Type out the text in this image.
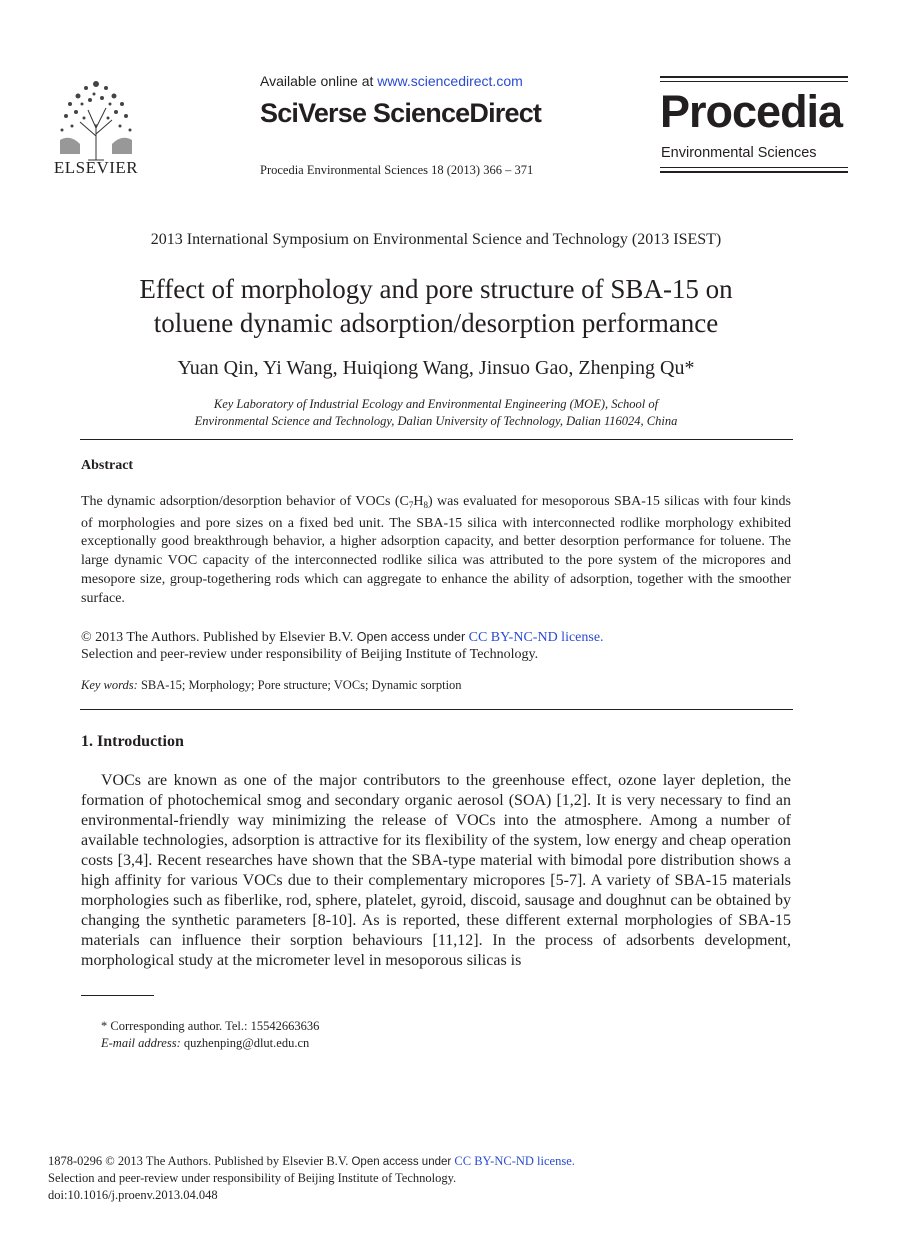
ELSEVIER
Available online at www.sciencedirect.com
SciVerse ScienceDirect
Procedia Environmental Sciences 18 (2013) 366 – 371
Procedia
Environmental Sciences
2013 International Symposium on Environmental Science and Technology (2013 ISEST)
Effect of morphology and pore structure of SBA-15 on
toluene dynamic adsorption/desorption performance
Yuan Qin, Yi Wang, Huiqiong Wang, Jinsuo Gao, Zhenping Qu*
Key Laboratory of Industrial Ecology and Environmental Engineering (MOE), School of
Environmental Science and Technology, Dalian University of Technology, Dalian 116024, China
Abstract
The dynamic adsorption/desorption behavior of VOCs $(C_7H_8)$ was evaluated for mesoporous SBA-15 silicas with four kinds of morphologies and pore sizes on a fixed bed unit. The SBA-15 silica with interconnected rodlike morphology exhibited exceptionally good breakthrough behavior, a higher adsorption capacity, and better desorption performance for toluene. The large dynamic VOC capacity of the interconnected rodlike silica was attributed to the pore system of the micropores and mesopore size, group-togethering rods which can aggregate to enhance the ability of adsorption, together with the smoother surface.
© 2013 The Authors. Published by Elsevier B.V. Open access under CC BY-NC-ND license.
Selection and peer-review under responsibility of Beijing Institute of Technology.
Key words: SBA-15; Morphology; Pore structure; VOCs; Dynamic sorption
1. Introduction
VOCs are known as one of the major contributors to the greenhouse effect, ozone layer depletion, the formation of photochemical smog and secondary organic aerosol (SOA) [1,2]. It is very necessary to find an environmental-friendly way minimizing the release of VOCs into the atmosphere. Among a number of available technologies, adsorption is attractive for its flexibility of the system, low energy and cheap operation costs [3,4]. Recent researches have shown that the SBA-type material with bimodal pore distribution shows a high affinity for various VOCs due to their complementary micropores [5-7]. A variety of SBA-15 materials morphologies such as fiberlike, rod, sphere, platelet, gyroid, discoid, sausage and doughnut can be obtained by changing the synthetic parameters [8-10]. As is reported, these different external morphologies of SBA-15 materials can influence their sorption behaviours [11,12]. In the process of adsorbents development, morphological study at the micrometer level in mesoporous silicas is
* Corresponding author. Tel.: 15542663636
E-mail address: quzhenping@dlut.edu.cn
1878-0296 © 2013 The Authors. Published by Elsevier B.V. Open access under CC BY-NC-ND license.
Selection and peer-review under responsibility of Beijing Institute of Technology.
doi:10.1016/j.proenv.2013.04.048
